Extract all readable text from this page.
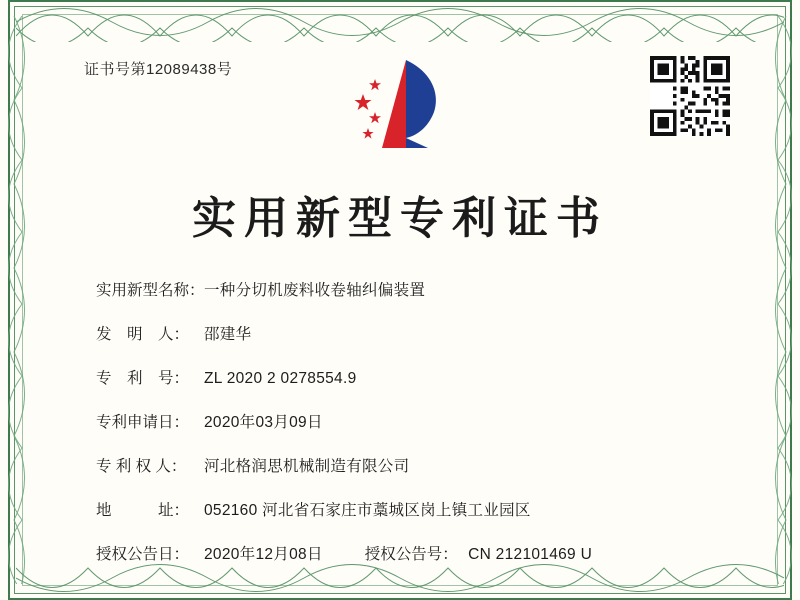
证书号第12089438号
实用新型专利证书
实用新型名称： 一种分切机废料收卷轴纠偏装置
发　明　人： 邵建华
专　利　号： ZL 2020 2 0278554.9
专利申请日： 2020年03月09日
专 利 权 人：	河北格润思机械制造有限公司
地　　　址： 052160 河北省石家庄市藁城区岗上镇工业园区
授权公告日： 2020年12月08日	授权公告号： CN 212101469 U
